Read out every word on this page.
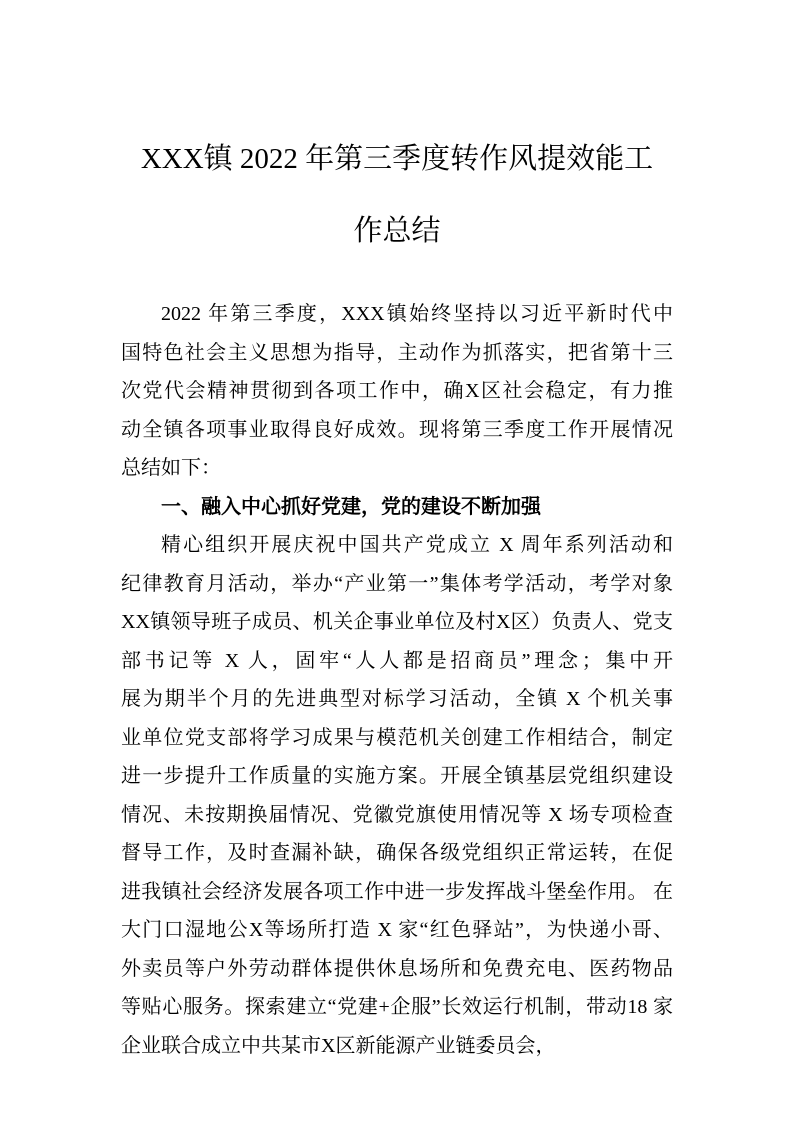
XXX镇 2022 年第三季度转作风提效能工
作总结
2022 年第三季度，XXX镇始终坚持以习近平新时代中
国特色社会主义思想为指导，主动作为抓落实，把省第十三
次党代会精神贯彻到各项工作中，确X区社会稳定，有力推
动全镇各项事业取得良好成效。现将第三季度工作开展情况
总结如下：
一、融入中心抓好党建，党的建设不断加强
精心组织开展庆祝中国共产党成立 X 周年系列活动和
纪律教育月活动，举办“产业第一”集体考学活动，考学对象
XX镇领导班子成员、机关企事业单位及村X区）负责人、党支
部书记等 X 人，固牢“人人都是招商员”理念；集中开
展为期半个月的先进典型对标学习活动，全镇 X 个机关事
业单位党支部将学习成果与模范机关创建工作相结合，制定
进一步提升工作质量的实施方案。开展全镇基层党组织建设
情况、未按期换届情况、党徽党旗使用情况等 X 场专项检查
督导工作，及时查漏补缺，确保各级党组织正常运转，在促
进我镇社会经济发展各项工作中进一步发挥战斗堡垒作用。 在
大门口湿地公X等场所打造 X 家“红色驿站”，为快递小哥、
外卖员等户外劳动群体提供休息场所和免费充电、医药物品
等贴心服务。探索建立“党建+企服”长效运行机制，带动18 家
企业联合成立中共某市X区新能源产业链委员会，
